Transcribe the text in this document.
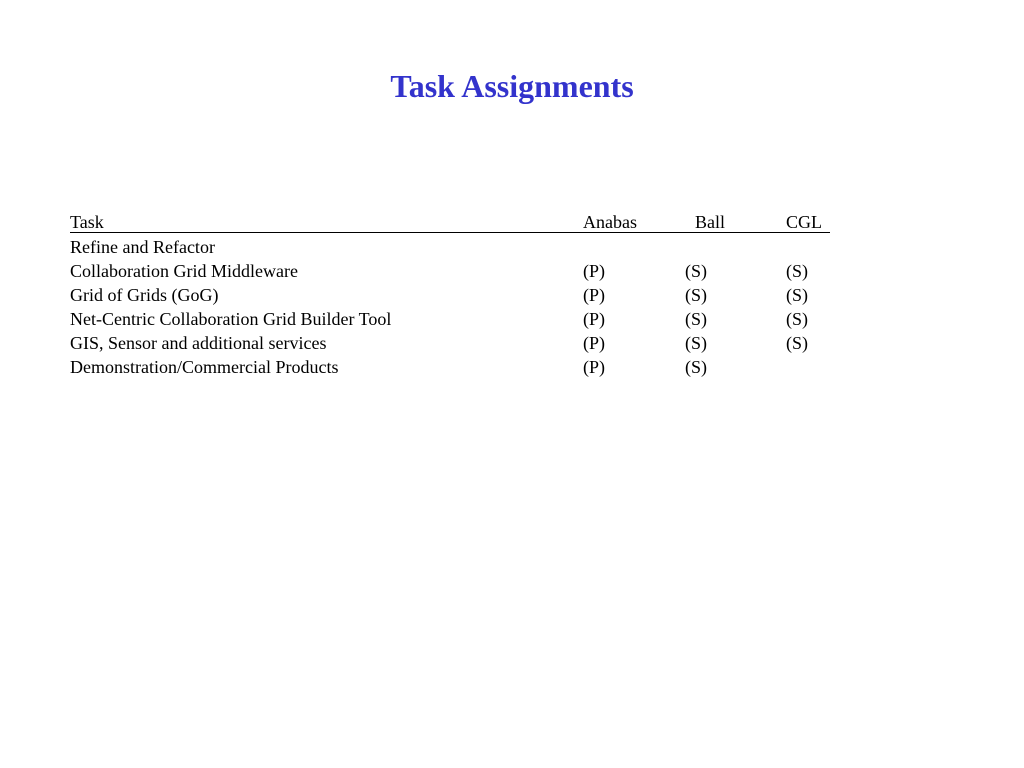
Task Assignments
Task	Anabas	Ball	CGL
Refine and Refactor
Collaboration Grid Middleware	(P)	(S)	(S)
Grid of Grids (GoG)	(P)	(S)	(S)
Net-Centric Collaboration Grid Builder Tool	(P)	(S)	(S)
GIS, Sensor and additional services	(P)	(S)	(S)
Demonstration/Commercial Products	(P)	(S)
